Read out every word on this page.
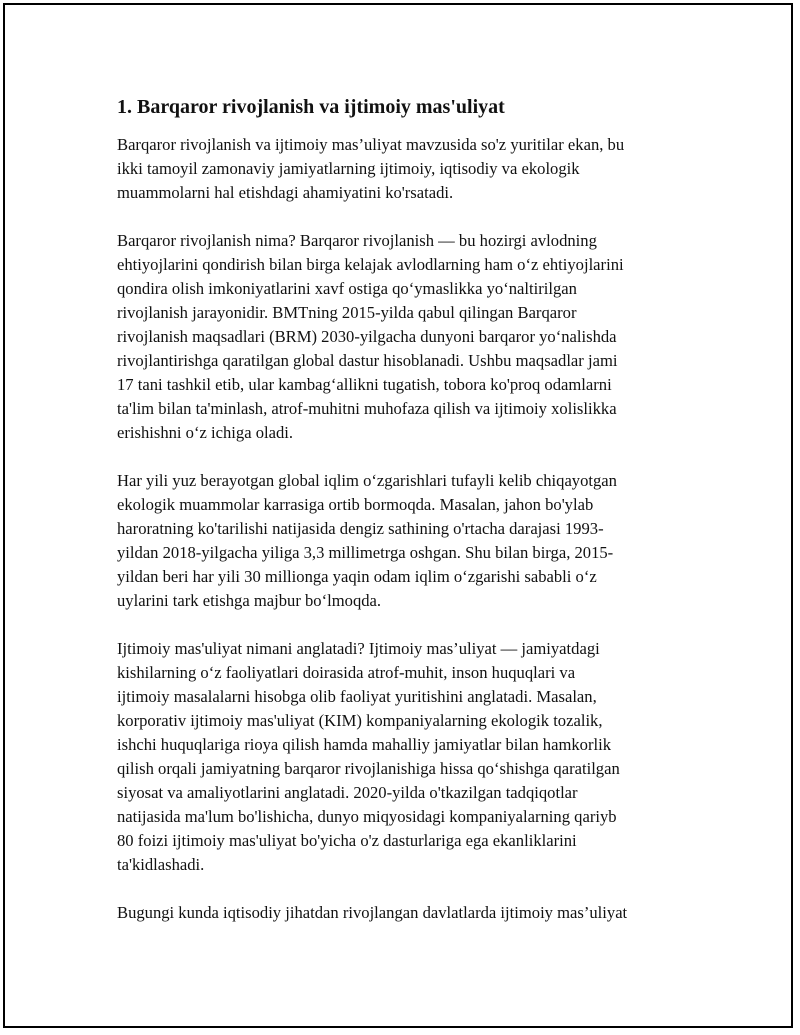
1. Barqaror rivojlanish va ijtimoiy mas'uliyat

Barqaror rivojlanish va ijtimoiy mas’uliyat mavzusida so'z yuritilar ekan, bu
ikki tamoyil zamonaviy jamiyatlarning ijtimoiy, iqtisodiy va ekologik
muammolarni hal etishdagi ahamiyatini ko'rsatadi.

Barqaror rivojlanish nima? Barqaror rivojlanish — bu hozirgi avlodning
ehtiyojlarini qondirish bilan birga kelajak avlodlarning ham o‘z ehtiyojlarini
qondira olish imkoniyatlarini xavf ostiga qo‘ymaslikka yo‘naltirilgan
rivojlanish jarayonidir. BMTning 2015-yilda qabul qilingan Barqaror
rivojlanish maqsadlari (BRM) 2030-yilgacha dunyoni barqaror yo‘nalishda
rivojlantirishga qaratilgan global dastur hisoblanadi. Ushbu maqsadlar jami
17 tani tashkil etib, ular kambag‘allikni tugatish, tobora ko'proq odamlarni
ta'lim bilan ta'minlash, atrof-muhitni muhofaza qilish va ijtimoiy xolislikka
erishishni o‘z ichiga oladi.

Har yili yuz berayotgan global iqlim o‘zgarishlari tufayli kelib chiqayotgan
ekologik muammolar karrasiga ortib bormoqda. Masalan, jahon bo'ylab
haroratning ko'tarilishi natijasida dengiz sathining o'rtacha darajasi 1993-
yildan 2018-yilgacha yiliga 3,3 millimetrga oshgan. Shu bilan birga, 2015-
yildan beri har yili 30 millionga yaqin odam iqlim o‘zgarishi sababli o‘z
uylarini tark etishga majbur bo‘lmoqda.

Ijtimoiy mas'uliyat nimani anglatadi? Ijtimoiy mas’uliyat — jamiyatdagi
kishilarning o‘z faoliyatlari doirasida atrof-muhit, inson huquqlari va
ijtimoiy masalalarni hisobga olib faoliyat yuritishini anglatadi. Masalan,
korporativ ijtimoiy mas'uliyat (KIM) kompaniyalarning ekologik tozalik,
ishchi huquqlariga rioya qilish hamda mahalliy jamiyatlar bilan hamkorlik
qilish orqali jamiyatning barqaror rivojlanishiga hissa qo‘shishga qaratilgan
siyosat va amaliyotlarini anglatadi. 2020-yilda o'tkazilgan tadqiqotlar
natijasida ma'lum bo'lishicha, dunyo miqyosidagi kompaniyalarning qariyb
80 foizi ijtimoiy mas'uliyat bo'yicha o'z dasturlariga ega ekanliklarini
ta'kidlashadi.

Bugungi kunda iqtisodiy jihatdan rivojlangan davlatlarda ijtimoiy mas’uliyat
